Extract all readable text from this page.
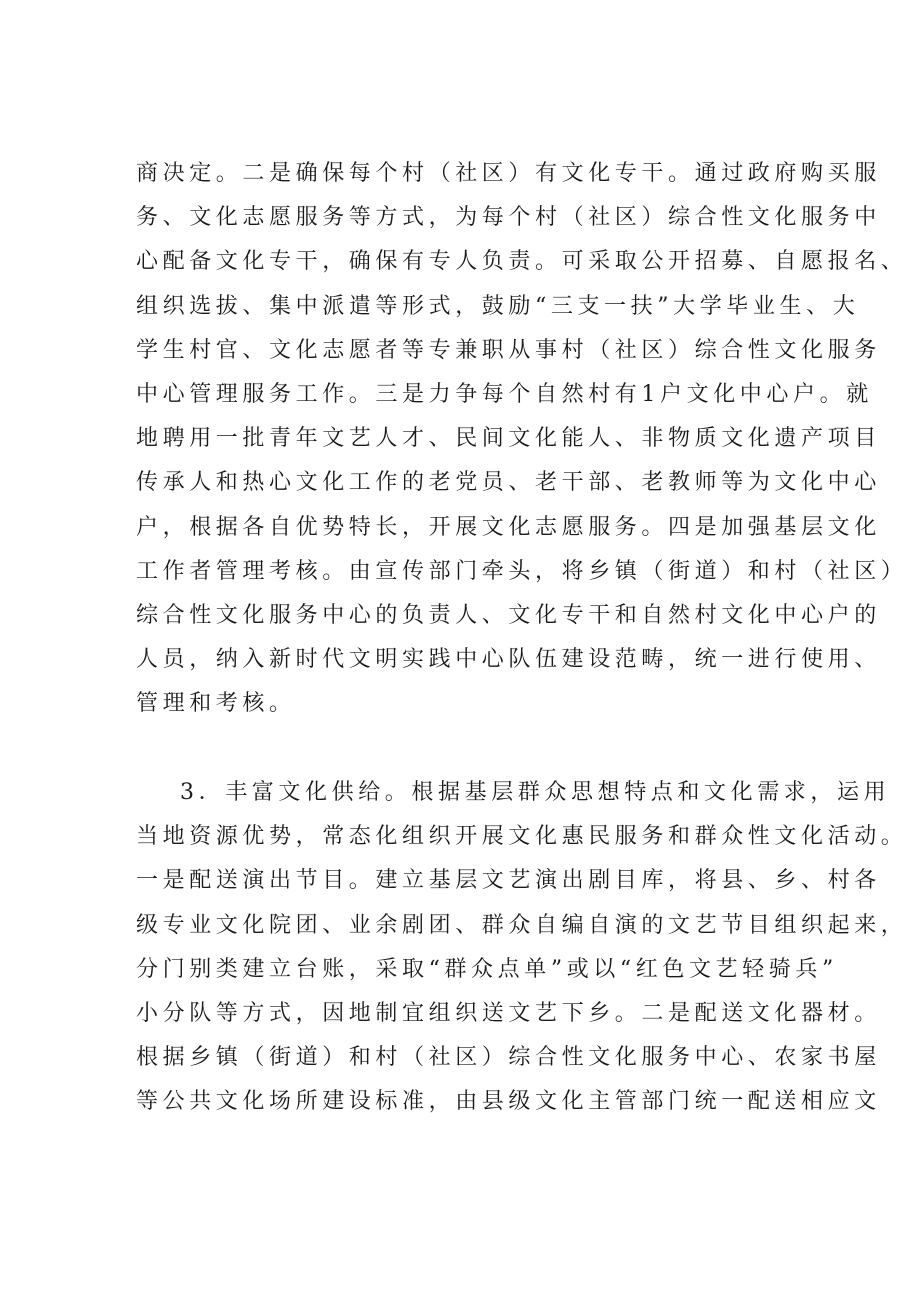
商决定。二是确保每个村（社区）有文化专干。通过政府购买服
务、文化志愿服务等方式，为每个村（社区）综合性文化服务中
心配备文化专干，确保有专人负责。可采取公开招募、自愿报名、
组织选拔、集中派遣等形式，鼓励“三支一扶”大学毕业生、大
学生村官、文化志愿者等专兼职从事村（社区）综合性文化服务
中心管理服务工作。三是力争每个自然村有1户文化中心户。就
地聘用一批青年文艺人才、民间文化能人、非物质文化遗产项目
传承人和热心文化工作的老党员、老干部、老教师等为文化中心
户，根据各自优势特长，开展文化志愿服务。四是加强基层文化
工作者管理考核。由宣传部门牵头，将乡镇（街道）和村（社区）
综合性文化服务中心的负责人、文化专干和自然村文化中心户的
人员，纳入新时代文明实践中心队伍建设范畴，统一进行使用、
管理和考核。
3．丰富文化供给。根据基层群众思想特点和文化需求，运用
当地资源优势，常态化组织开展文化惠民服务和群众性文化活动。
一是配送演出节目。建立基层文艺演出剧目库，将县、乡、村各
级专业文化院团、业余剧团、群众自编自演的文艺节目组织起来，
分门别类建立台账，采取“群众点单”或以“红色文艺轻骑兵”
小分队等方式，因地制宜组织送文艺下乡。二是配送文化器材。
根据乡镇（街道）和村（社区）综合性文化服务中心、农家书屋
等公共文化场所建设标准，由县级文化主管部门统一配送相应文
